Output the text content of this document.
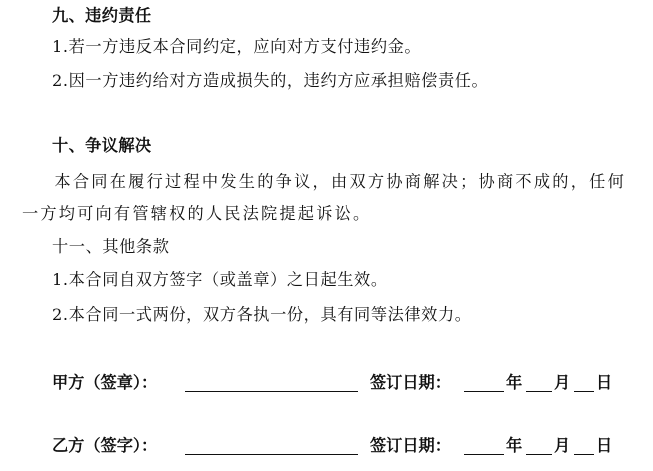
九、违约责任
1.若一方违反本合同约定，应向对方支付违约金。
2.因一方违约给对方造成损失的，违约方应承担赔偿责任。
十、争议解决
本合同在履行过程中发生的争议，由双方协商解决；协商不成的，任何一方均可向有管辖权的人民法院提起诉讼。
十一、其他条款
1.本合同自双方签字（或盖章）之日起生效。
2.本合同一式两份，双方各执一份，具有同等法律效力。
甲方（签章）：	签订日期：	年 月 日
乙方（签字）：	签订日期：	年 月 日
